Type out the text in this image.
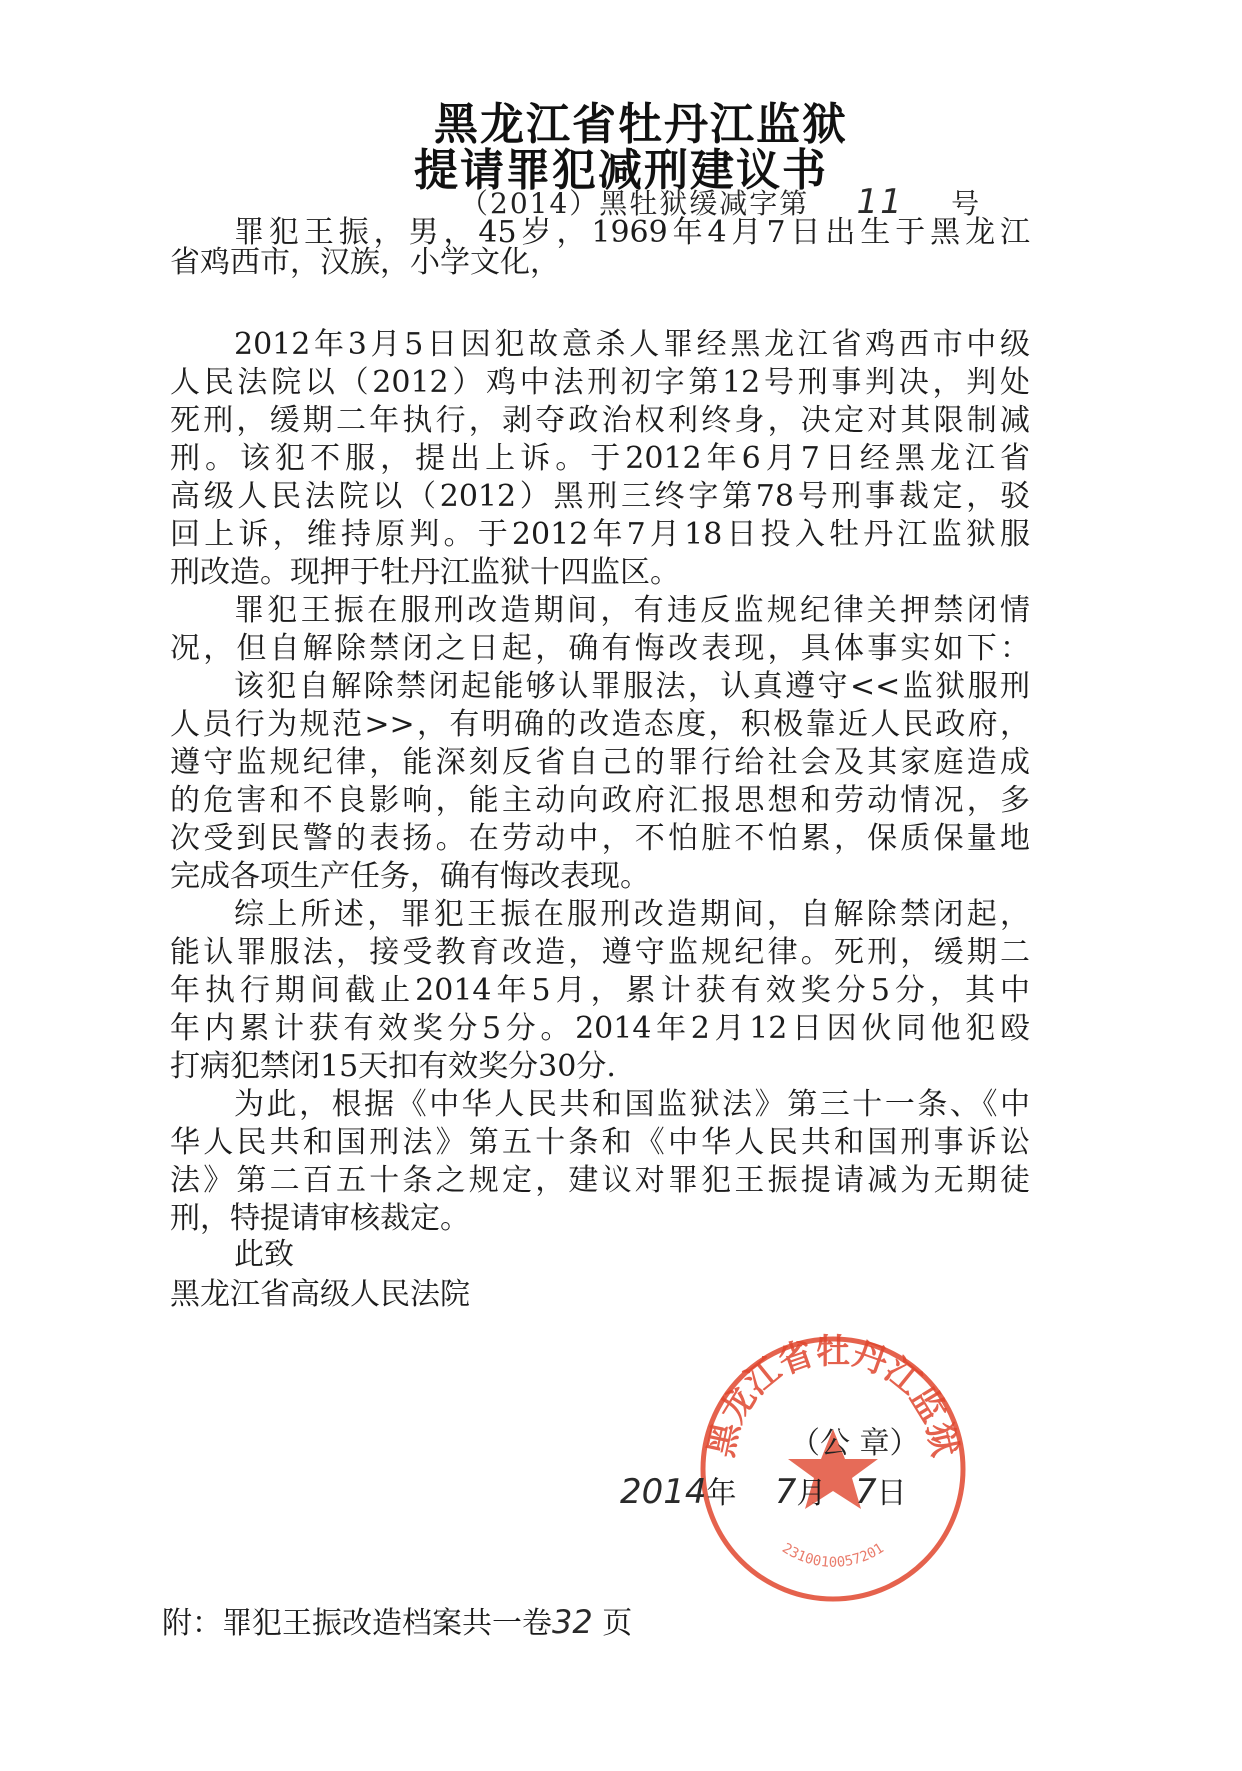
黑龙江省牡丹江监狱
提请罪犯减刑建议书
（2014）黑牡狱缓减字第 11 号
罪犯王振，男，45岁，1969年4月7日出生于黑龙江
省鸡西市，汉族，小学文化，
2012年3月5日因犯故意杀人罪经黑龙江省鸡西市中级
人民法院以（2012）鸡中法刑初字第12号刑事判决，判处
死刑，缓期二年执行，剥夺政治权利终身，决定对其限制减
刑。该犯不服，提出上诉。于2012年6月7日经黑龙江省
高级人民法院以（2012）黑刑三终字第78号刑事裁定，驳
回上诉，维持原判。于2012年7月18日投入牡丹江监狱服
刑改造。现押于牡丹江监狱十四监区。
罪犯王振在服刑改造期间，有违反监规纪律关押禁闭情
况，但自解除禁闭之日起，确有悔改表现，具体事实如下：
该犯自解除禁闭起能够认罪服法，认真遵守<<监狱服刑
人员行为规范>>，有明确的改造态度，积极靠近人民政府，
遵守监规纪律，能深刻反省自己的罪行给社会及其家庭造成
的危害和不良影响，能主动向政府汇报思想和劳动情况，多
次受到民警的表扬。在劳动中，不怕脏不怕累，保质保量地
完成各项生产任务，确有悔改表现。
综上所述，罪犯王振在服刑改造期间，自解除禁闭起，
能认罪服法，接受教育改造，遵守监规纪律。死刑，缓期二
年执行期间截止2014年5月，累计获有效奖分5分，其中
年内累计获有效奖分5分。2014年2月12日因伙同他犯殴
打病犯禁闭15天扣有效奖分30分.
为此，根据《中华人民共和国监狱法》第三十一条、《中
华人民共和国刑法》第五十条和《中华人民共和国刑事诉讼
法》第二百五十条之规定，建议对罪犯王振提请减为无期徒
刑，特提请审核裁定。
此致
黑龙江省高级人民法院
黑龙江省牡丹江监狱
2310010057201
（公 章）
2014年 7月 7日
附：罪犯王振改造档案共一卷32 页
